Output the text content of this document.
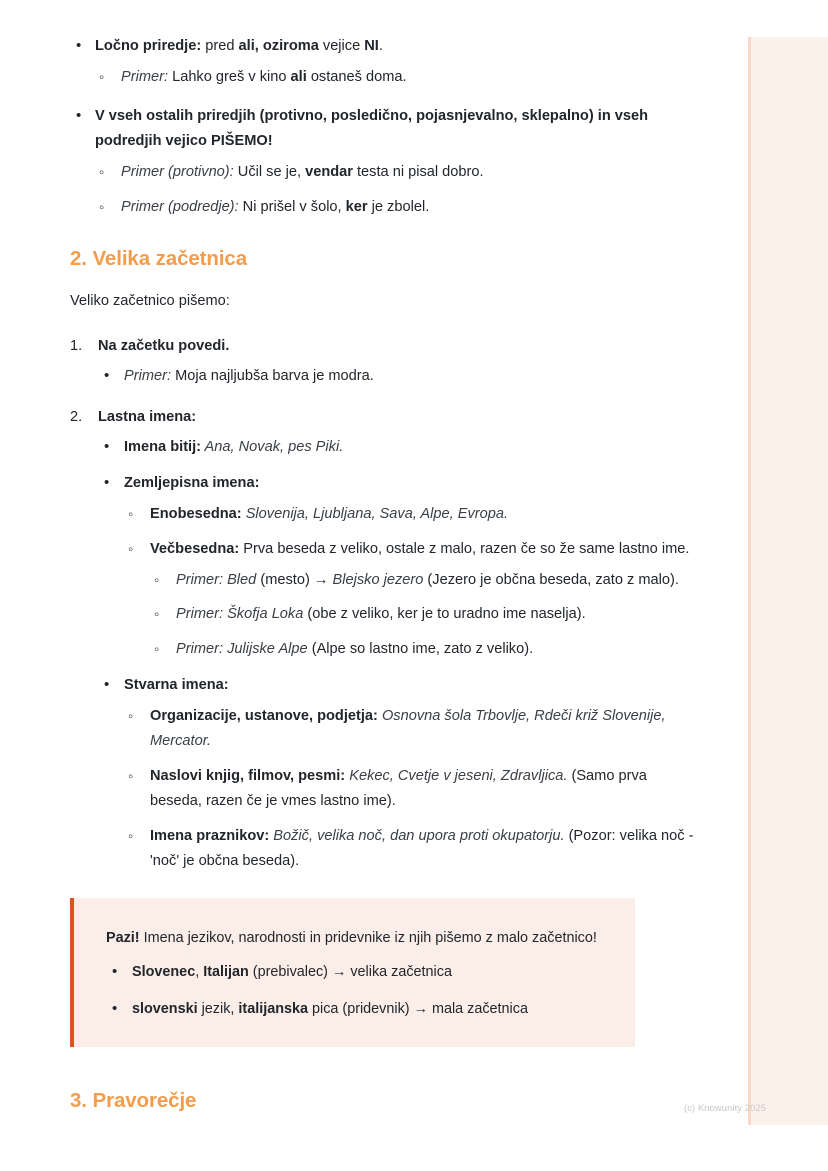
• Ločno priredje: pred ali, oziroma vejice NI.
◦ Primer: Lahko greš v kino ali ostaneš doma.
• V vseh ostalih priredjih (protivno, posledično, pojasnjevalno, sklepalno) in vseh podredjih vejico PIŠEMO!
◦ Primer (protivno): Učil se je, vendar testa ni pisal dobro.
◦ Primer (podredje): Ni prišel v šolo, ker je zbolel.
2. Velika začetnica

Veliko začetnico pišemo:

Na začetku povedi.
• Primer: Moja najljubša barva je modra.
Lastna imena:
• Imena bitij: Ana, Novak, pes Piki.
• Zemljepisna imena:
◦ Enobesedna: Slovenija, Ljubljana, Sava, Alpe, Evropa.
◦ Večbesedna: Prva beseda z veliko, ostale z malo, razen če so že same lastno ime.
◦ Primer: Bled (mesto) → Blejsko jezero (Jezero je občna beseda, zato z malo).
◦ Primer: Škofja Loka (obe z veliko, ker je to uradno ime naselja).
◦ Primer: Julijske Alpe (Alpe so lastno ime, zato z veliko).
• Stvarna imena:
◦ Organizacije, ustanove, podjetja: Osnovna šola Trbovlje, Rdeči križ Slovenije, Mercator.
◦ Naslovi knjig, filmov, pesmi: Kekec, Cvetje v jeseni, Zdravljica. (Samo prva beseda, razen če je vmes lastno ime).
◦ Imena praznikov: Božič, velika noč, dan upora proti okupatorju. (Pozor: velika noč - 'noč' je občna beseda).

Pazi! Imena jezikov, narodnosti in pridevnike iz njih pišemo z malo začetnico!

• Slovenec, Italijan (prebivalec) → velika začetnica
• slovenski jezik, italijanska pica (pridevnik) → mala začetnica
3. Pravorečje	(c) Knowunity 2025
